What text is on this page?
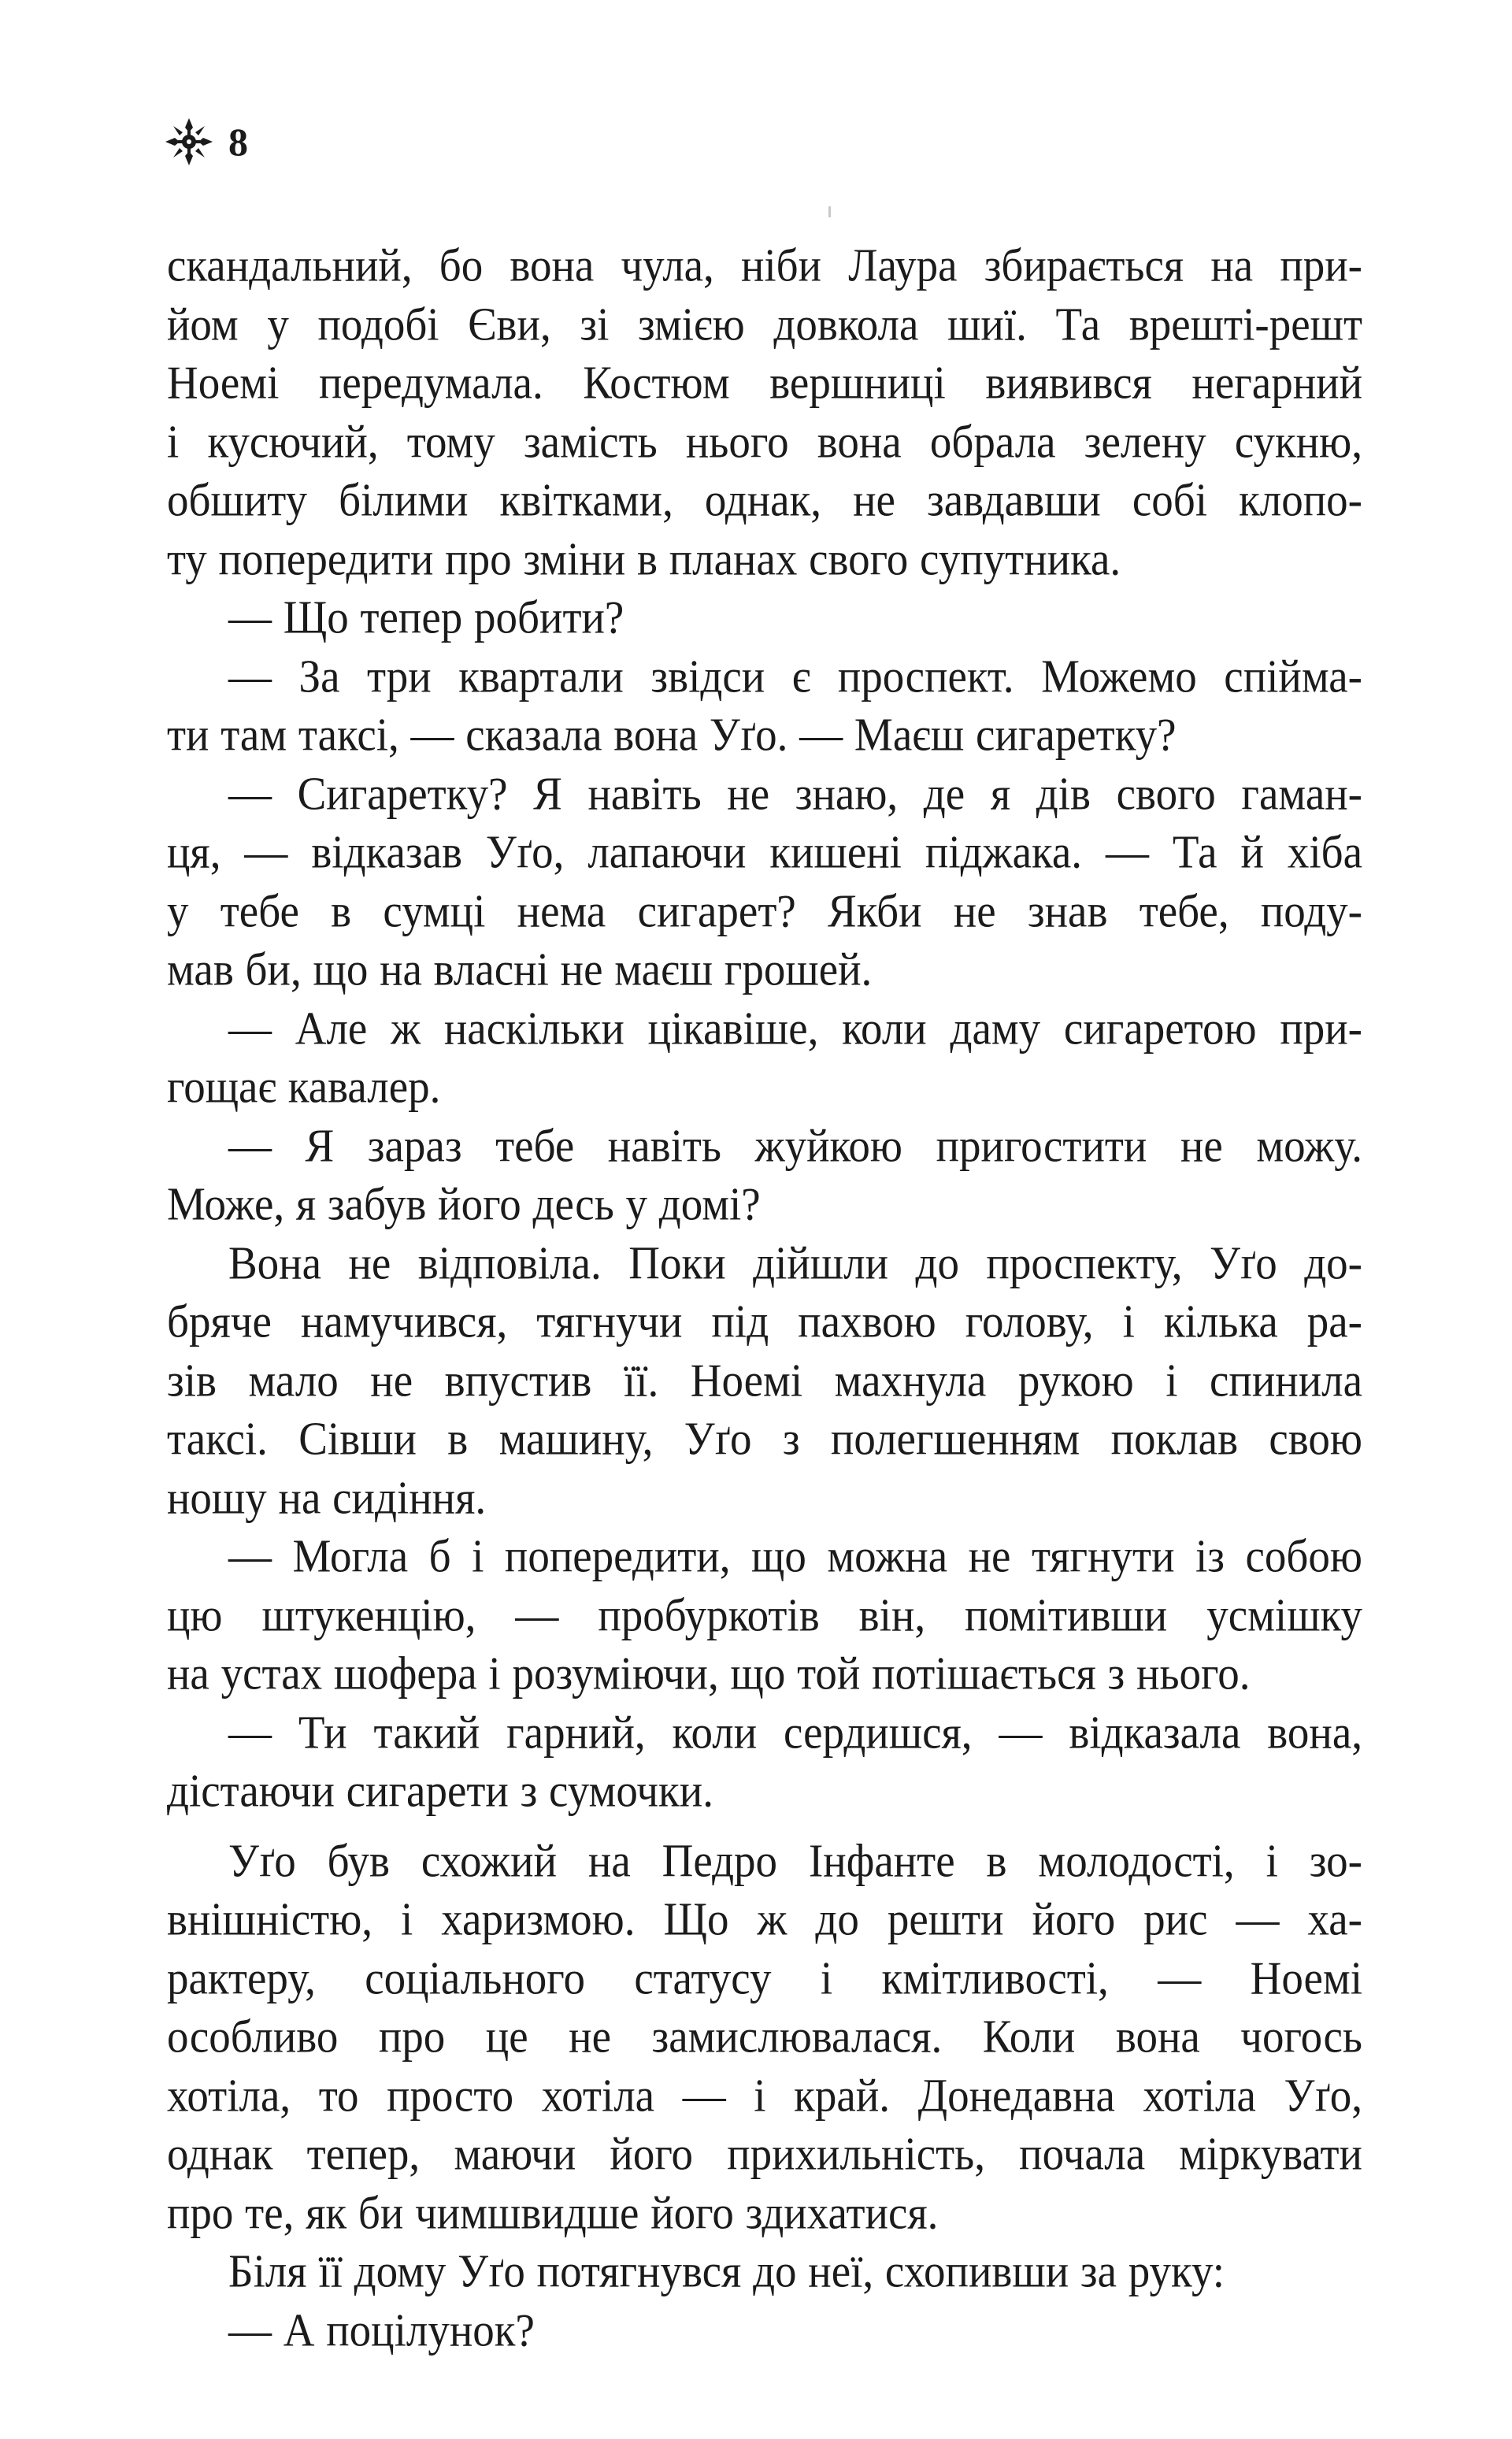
8
скандальний, бо вона чула, ніби Лаура збирається на при-
йом у подобі Єви, зі змією довкола шиї. Та врешті-решт
Ноемі передумала. Костюм вершниці виявився негарний
і кусючий, тому замість нього вона обрала зелену сукню,
обшиту білими квітками, однак, не завдавши собі клопо-
ту попередити про зміни в планах свого супутника.
— Що тепер робити?
— За три квартали звідси є проспект. Можемо спійма-
ти там таксі, — сказала вона Уґо. — Маєш сигаретку?
— Сигаретку? Я навіть не знаю, де я дів свого гаман-
ця, — відказав Уґо, лапаючи кишені піджака. — Та й хіба
у тебе в сумці нема сигарет? Якби не знав тебе, поду-
мав би, що на власні не маєш грошей.
— Але ж наскільки цікавіше, коли даму сигаретою при-
гощає кавалер.
— Я зараз тебе навіть жуйкою пригостити не можу.
Може, я забув його десь у домі?
Вона не відповіла. Поки дійшли до проспекту, Уґо до-
бряче намучився, тягнучи під пахвою голову, і кілька ра-
зів мало не впустив її. Ноемі махнула рукою і спинила
таксі. Сівши в машину, Уґо з полегшенням поклав свою
ношу на сидіння.
— Могла б і попередити, що можна не тягнути із собою
цю штукенцію, — пробуркотів він, помітивши усмішку
на устах шофера і розуміючи, що той потішається з нього.
— Ти такий гарний, коли сердишся, — відказала вона,
дістаючи сигарети з сумочки.
Уґо був схожий на Педро Інфанте в молодості, і зо-
внішністю, і харизмою. Що ж до решти його рис — ха-
рактеру, соціального статусу і кмітливості, — Ноемі
особливо про це не замислювалася. Коли вона чогось
хотіла, то просто хотіла — і край. Донедавна хотіла Уґо,
однак тепер, маючи його прихильність, почала міркувати
про те, як би чимшвидше його здихатися.
Біля її дому Уґо потягнувся до неї, схопивши за руку:
— А поцілунок?
